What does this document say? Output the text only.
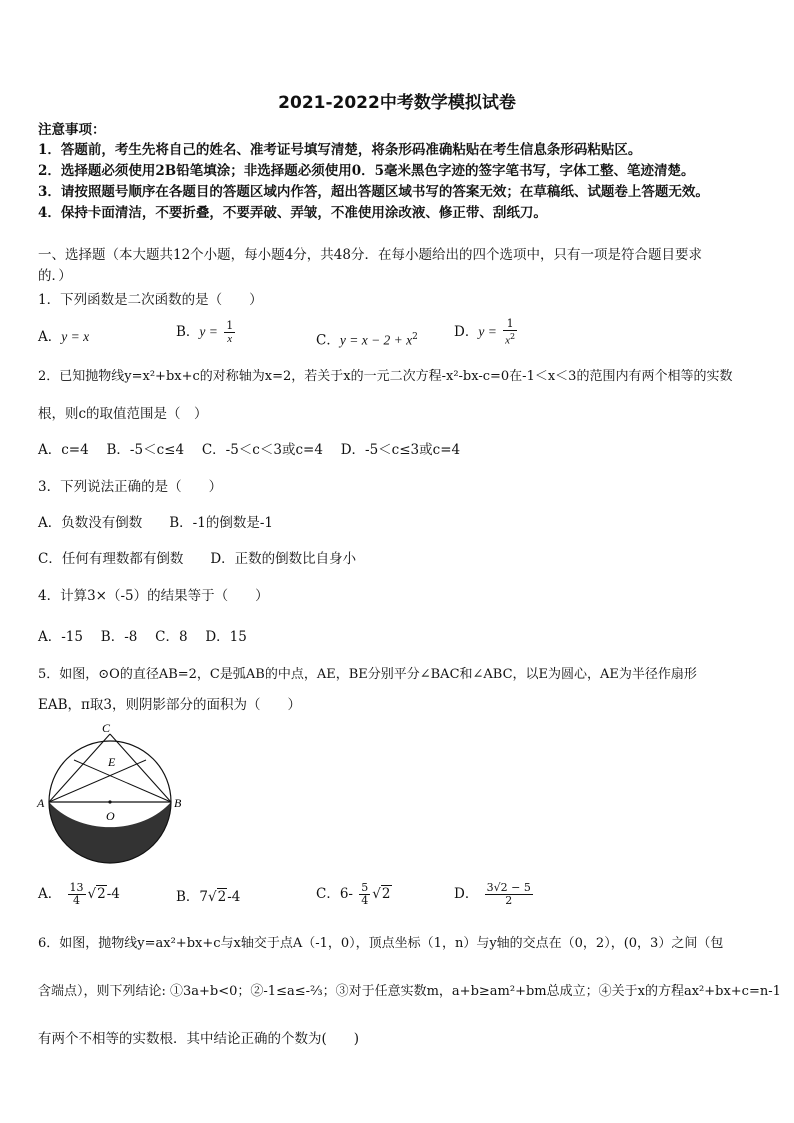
2021-2022中考数学模拟试卷
注意事项：
1．答题前，考生先将自己的姓名、准考证号填写清楚，将条形码准确粘贴在考生信息条形码粘贴区。
2．选择题必须使用2B铅笔填涂；非选择题必须使用0．5毫米黑色字迹的签字笔书写，字体工整、笔迹清楚。
3．请按照题号顺序在各题目的答题区域内作答，超出答题区域书写的答案无效；在草稿纸、试题卷上答题无效。
4．保持卡面清洁，不要折叠，不要弄破、弄皱，不准使用涂改液、修正带、刮纸刀。
一、选择题（本大题共12个小题，每小题4分，共48分．在每小题给出的四个选项中，只有一项是符合题目要求
的．）
1．下列函数是二次函数的是（　　）
A．y = x	B．$y = \frac{1}{x}$	C．$y = x - 2 + x^2$	D．$y = \frac{1}{x^2}$
2．已知抛物线y=x²+bx+c的对称轴为x=2，若关于x的一元二次方程-x²-bx-c=0在-1＜x＜3的范围内有两个相等的实数
根，则c的取值范围是（　）
A．c=4　 B．-5＜c≤4　 C．-5＜c＜3或c=4　 D．-5＜c≤3或c=4
3．下列说法正确的是（　　）
A．负数没有倒数　　B．-1的倒数是-1
C．任何有理数都有倒数　　D．正数的倒数比自身小
4．计算3×（-5）的结果等于（　　）
A．-15　 B．-8　 C．8　 D．15
5．如图，⊙O的直径AB=2，C是弧AB的中点，AE，BE分别平分∠BAC和∠ABC，以E为圆心，AE为半径作扇形
EAB，π取3，则阴影部分的面积为（　　）
C
E
A	B
O
A． $\frac{13}{4} √2-4$	B．7√2-4	C．$6- \frac{5}{4} √2$	D． $\frac{3√2 - 5}{2}$
6．如图，抛物线y=ax²+bx+c与x轴交于点A（-1，0），顶点坐标（1，n）与y轴的交点在（0，2），(0，3）之间（包
含端点），则下列结论: ①3a+b<0；②-1≤a≤-⅔；③对于任意实数m，a+b≥am²+bm总成立；④关于x的方程ax²+bx+c=n-1
有两个不相等的实数根．其中结论正确的个数为(　　)
